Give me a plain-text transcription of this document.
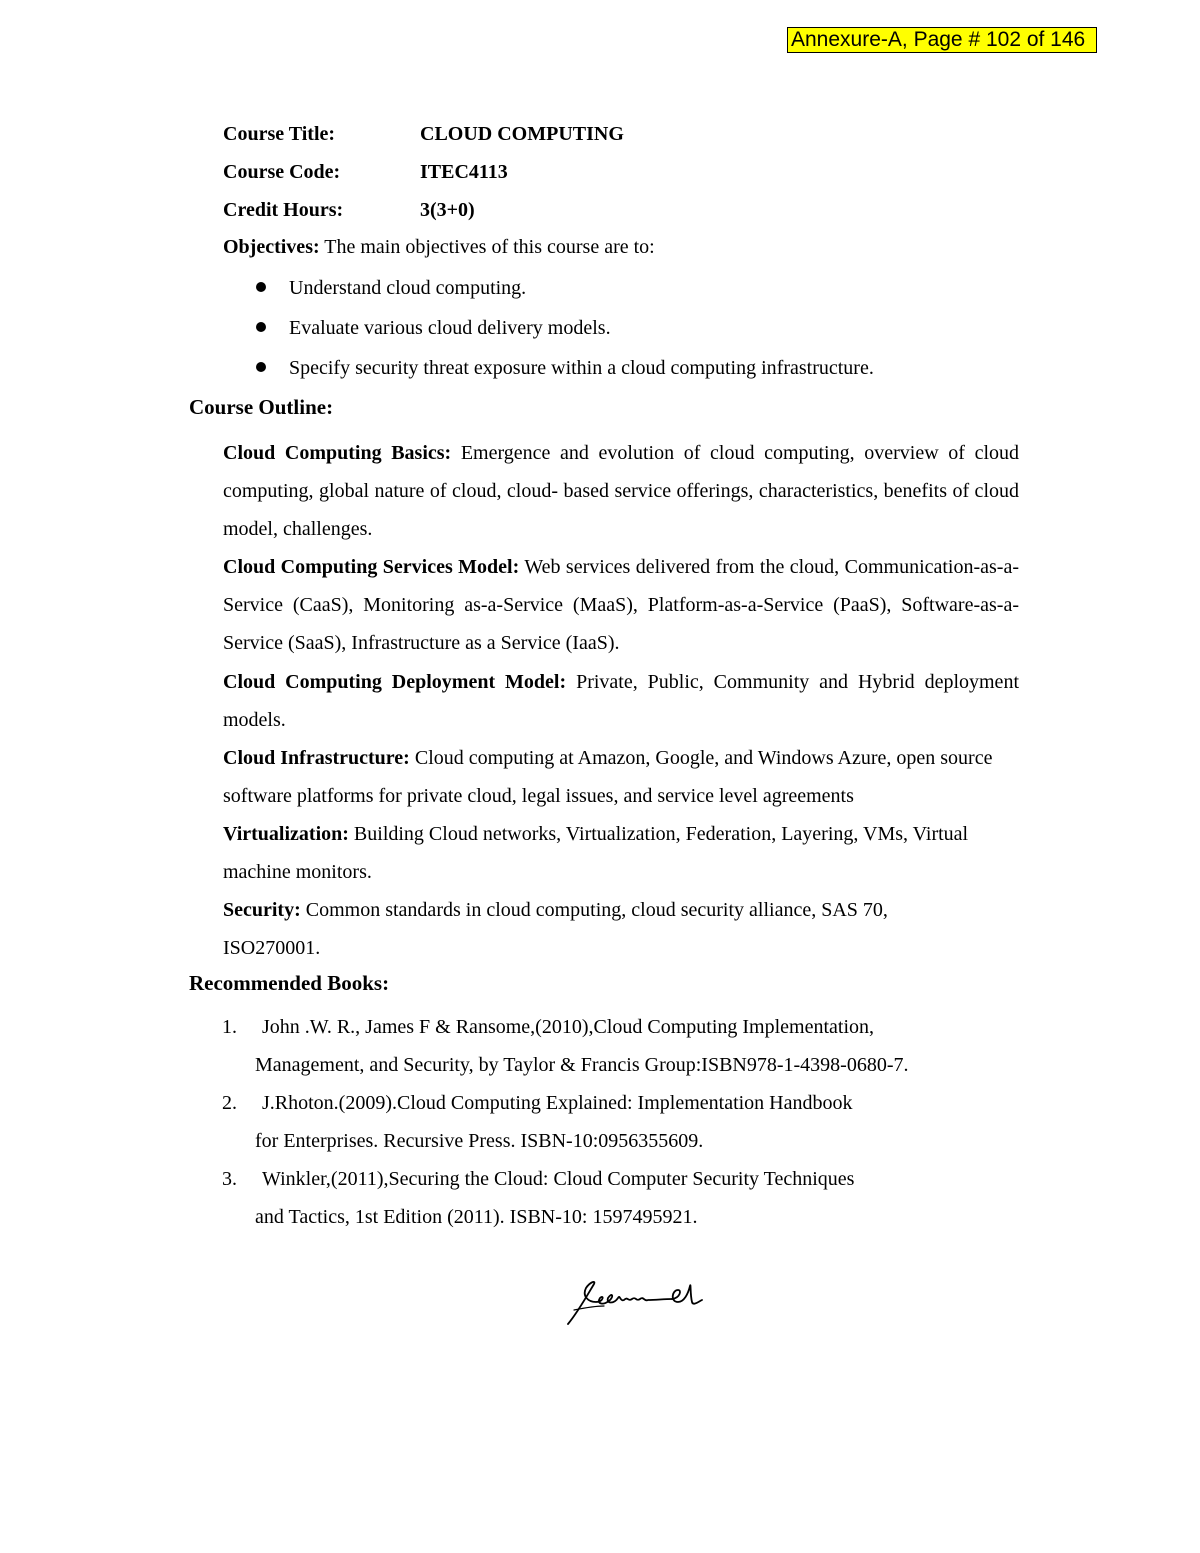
Annexure-A, Page # 102 of 146
Course Title:	CLOUD COMPUTING
Course Code:	ITEC4113
Credit Hours:	3(3+0)
Objectives: The main objectives of this course are to:
Understand cloud computing.
Evaluate various cloud delivery models.
Specify security threat exposure within a cloud computing infrastructure.
Course Outline:

Cloud Computing Basics: Emergence and evolution of cloud computing, overview of cloud computing, global nature of cloud, cloud- based service offerings, characteristics, benefits of cloud model, challenges.

Cloud Computing Services Model: Web services delivered from the cloud, Communication-as-a-Service (CaaS), Monitoring as-a-Service (MaaS), Platform-as-a-Service (PaaS), Software-as-a-Service (SaaS), Infrastructure as a Service (IaaS).

Cloud Computing Deployment Model: Private, Public, Community and Hybrid deployment models.

Cloud Infrastructure: Cloud computing at Amazon, Google, and Windows Azure, open source software platforms for private cloud, legal issues, and service level agreements

Virtualization: Building Cloud networks, Virtualization, Federation, Layering, VMs, Virtual machine monitors.

Security: Common standards in cloud computing, cloud security alliance, SAS 70, ISO270001.

Recommended Books:
1.	John .W. R., James F & Ransome,(2010),Cloud Computing Implementation,
Management, and Security, by Taylor & Francis Group:ISBN978-1-4398-0680-7.
2.	J.Rhoton.(2009).Cloud Computing Explained: Implementation Handbook
for Enterprises. Recursive Press. ISBN-10:0956355609.
3.	Winkler,(2011),Securing the Cloud: Cloud Computer Security Techniques
and Tactics, 1st Edition (2011). ISBN-10: 1597495921.
